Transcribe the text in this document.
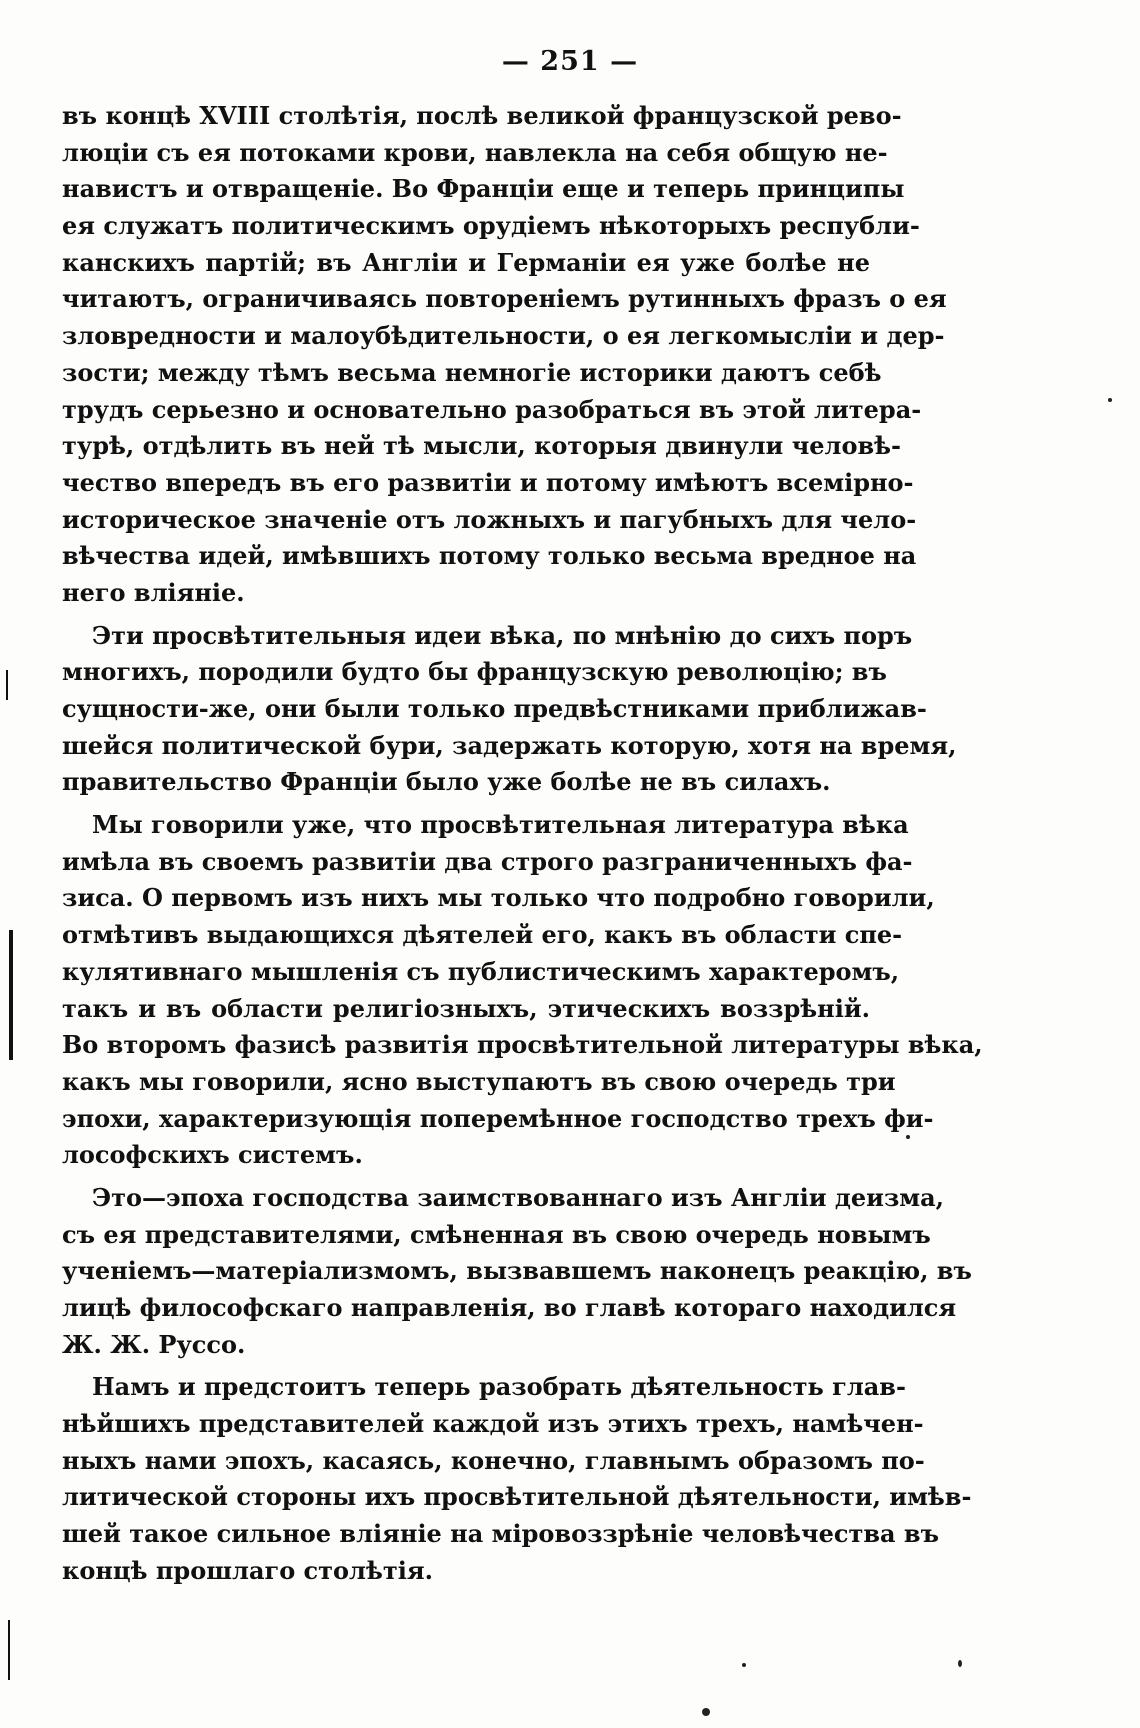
— 251 —
въ концѣ XVIII столѣтія, послѣ великой французской рево-
люціи съ ея потоками крови, навлекла на себя общую не-
навистъ и отвращеніе. Во Франціи еще и теперь принципы
ея служатъ политическимъ орудіемъ нѣкоторыхъ республи-
канскихъ партій; въ Англіи и Германіи ея уже болѣе не
читаютъ, ограничиваясь повтореніемъ рутинныхъ фразъ о ея
зловредности и малоубѣдительности, о ея легкомысліи и дер-
зости; между тѣмъ весьма немногіе историки даютъ себѣ
трудъ серьезно и основательно разобраться въ этой литера-
турѣ, отдѣлить въ ней тѣ мысли, которыя двинули человѣ-
чество впередъ въ его развитіи и потому имѣютъ всемірно-
историческое значеніе отъ ложныхъ и пагубныхъ для чело-
вѣчества идей, имѣвшихъ потому только весьма вредное на
него вліяніе.
Эти просвѣтительныя идеи вѣка, по мнѣнію до сихъ поръ
многихъ, породили будто бы французскую революцію; въ
сущности-же, они были только предвѣстниками приближав-
шейся политической бури, задержать которую, хотя на время,
правительство Франціи было уже болѣе не въ силахъ.
Мы говорили уже, что просвѣтительная литература вѣка
имѣла въ своемъ развитіи два строго разграниченныхъ фа-
зиса. О первомъ изъ нихъ мы только что подробно говорили,
отмѣтивъ выдающихся дѣятелей его, какъ въ области спе-
кулятивнаго мышленія съ публистическимъ характеромъ,
такъ и въ области религіозныхъ, этическихъ воззрѣній.
Во второмъ фазисѣ развитія просвѣтительной литературы вѣка,
какъ мы говорили, ясно выступаютъ въ свою очередь три
эпохи, характеризующія поперемѣнное господство трехъ фи-
лософскихъ системъ.
Это—эпоха господства заимствованнаго изъ Англіи деизма,
съ ея представителями, смѣненная въ свою очередь новымъ
ученіемъ—матеріализмомъ, вызвавшемъ наконецъ реакцію, въ
лицѣ философскаго направленія, во главѣ котораго находился
Ж. Ж. Руссо.
Намъ и предстоитъ теперь разобрать дѣятельность глав-
нѣйшихъ представителей каждой изъ этихъ трехъ, намѣчен-
ныхъ нами эпохъ, касаясь, конечно, главнымъ образомъ по-
литической стороны ихъ просвѣтительной дѣятельности, имѣв-
шей такое сильное вліяніе на міровоззрѣніе человѣчества въ
концѣ прошлаго столѣтія.
